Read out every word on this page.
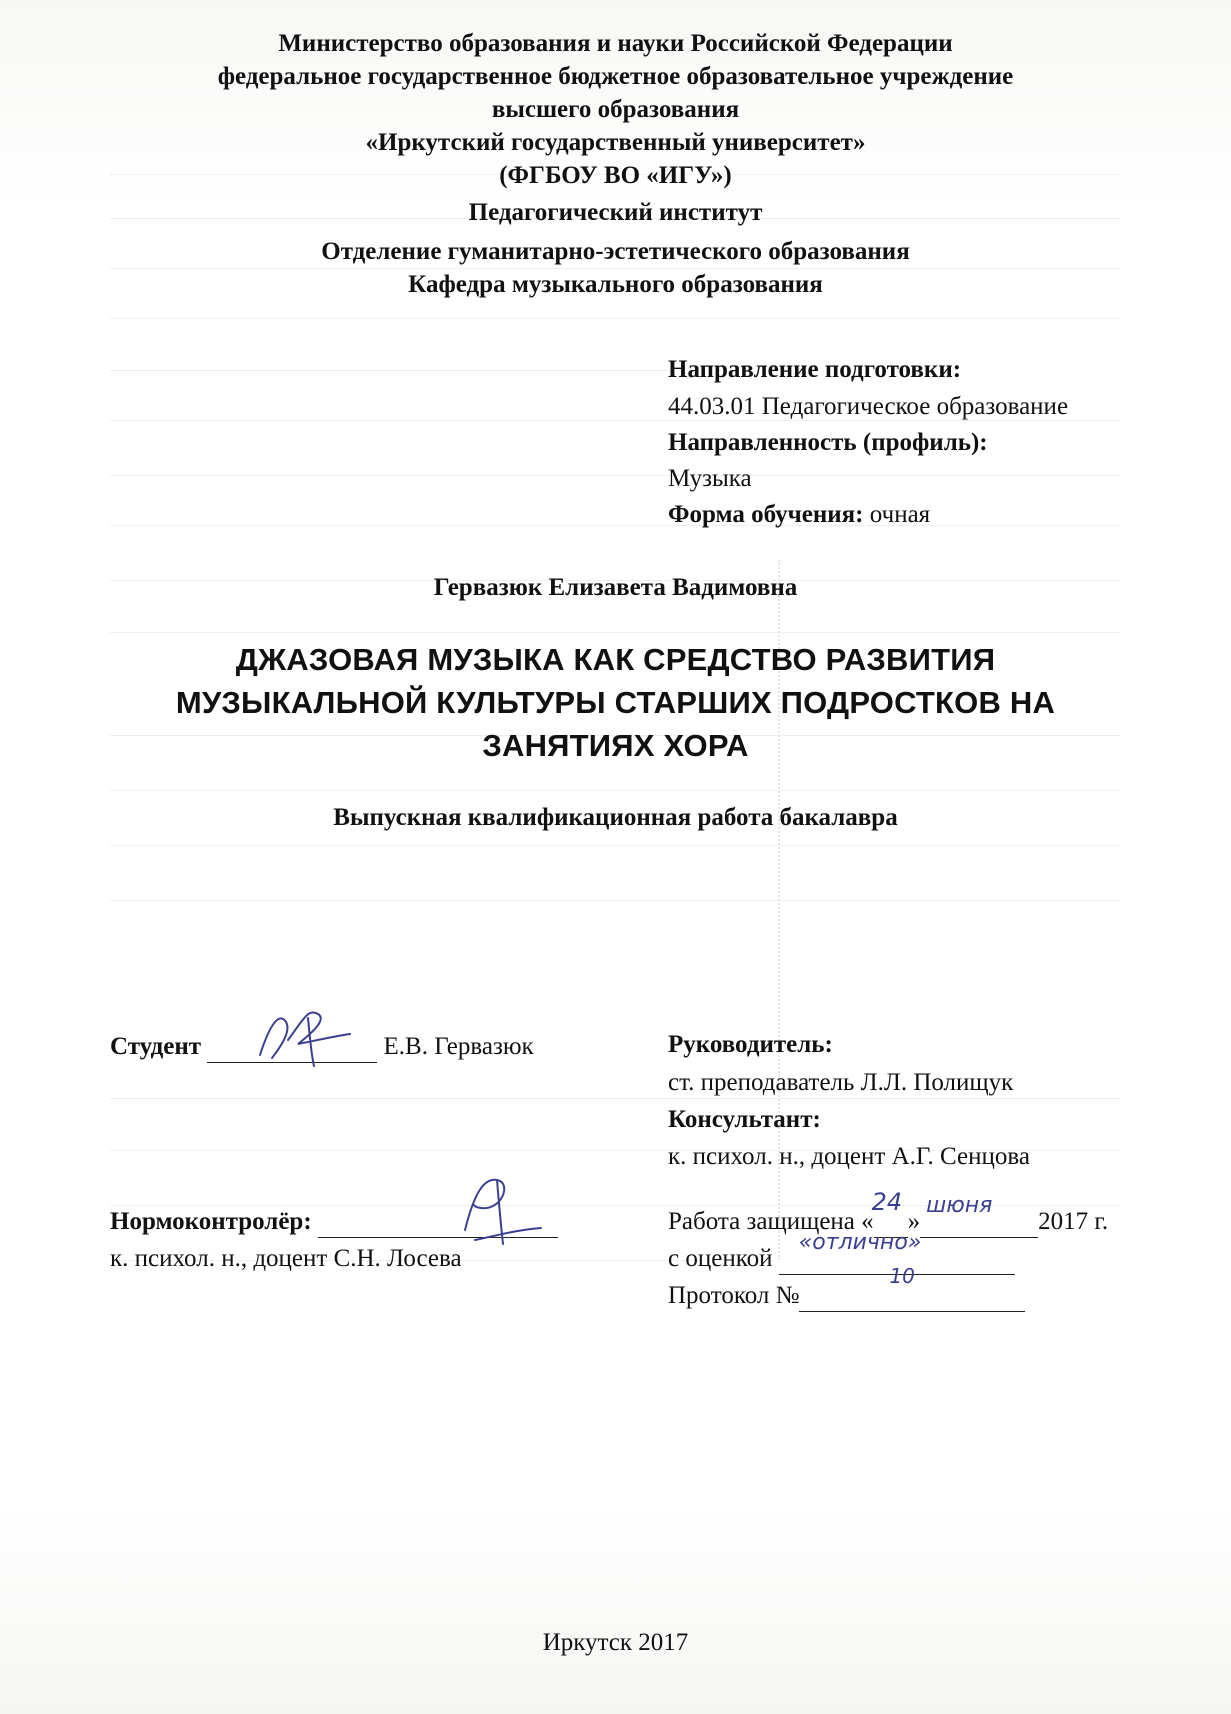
Министерство образования и науки Российской Федерации
федеральное государственное бюджетное образовательное учреждение
высшего образования
«Иркутский государственный университет»
(ФГБОУ ВО «ИГУ»)
Педагогический институт
Отделение гуманитарно-эстетического образования
Кафедра музыкального образования
Направление подготовки:
44.03.01 Педагогическое образование
Направленность (профиль):
Музыка
Форма обучения: очная
Гервазюк Елизавета Вадимовна
ДЖАЗОВАЯ МУЗЫКА КАК СРЕДСТВО РАЗВИТИЯ
МУЗЫКАЛЬНОЙ КУЛЬТУРЫ СТАРШИХ ПОДРОСТКОВ НА
ЗАНЯТИЯХ ХОРА
Выпускная квалификационная работа бакалавра
Студент	Е.В. Гервазюк	Руководитель:
ст. преподаватель Л.Л. Полищук
Консультант:
к. психол. н., доцент А.Г. Сенцова
Нормоконтролёр:
к. психол. н., доцент С.Н. Лосева
Работа защищена «
24
»
шюня
2017 г.
с оценкой
«отлично»

Протокол №
10

Иркутск 2017
